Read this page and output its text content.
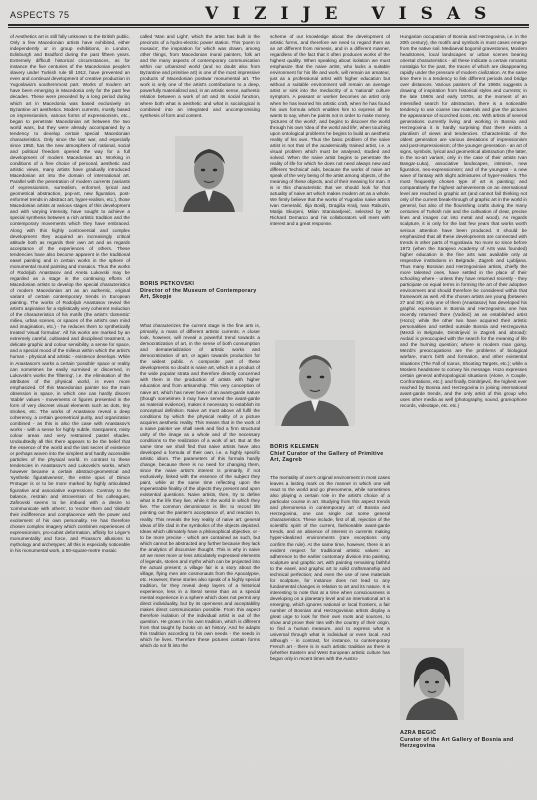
ASPECTS 75	VIZIJE VISAS

of Aesthetics art is still fully unknown to the British public. Only a few Macedonian artists have exhibited, either independently or in group exhibitions, in London, Edinburgh and Bradford during the past fifteen years. Extremely difficult historical circumstances, as for instance the five centuries of the Macedonian people's slavery under Turkish rule till 1912, have prevented an even and continual development of creative production in Yugoslavia's southernmost part. Works of modern art have been emerging in Macedonia only for the past few decades. These were preceded by a long period during which art in Macedonia was based exclusively on Byzantine art aesthetics. Modern currents, mostly based on impressionism, various forms of expressionism, etc., began to penetrate Macedonian art between the two world wars, but they were already accompanied by a tendency to develop certain special Macedonian characteristics. Only since the last war, and especially since 1950, has the new atmosphere of national, social and political freedom opened the way for a full development of modern Macedonian art. Working in conditions of a free choice of personal, aesthetic and artistic views, many artists have gradually introduced Macedonian art into the domain of international art. Parallel with the penetration of modern currents (variants of expressionism, surrealism, enformel, lyrical and geometrical abstraction, pop-art, new figuration, post-enformel trends in abstract art, hyper-realism, etc.), those Macedonian artists at various stages of this development and with varying intensity, have sought to achieve a special synthesis between a rich artistic tradition and the contemporary movements which they have embraced. Along with this highly controversial and complex development they acquired an increasingly critical attitude both as regards their own art and as regards acceptance of the experiences of others. These tendencies have also become apparent in the traditional easel painting and in certain works in the sphere of monumental mural painting and mosaics. Thus the works of Rodoljub Anastasov and Aneta Lukovski may be regarded as a stage in the continuing efforts of Macedonian artists to develop the special characteristics of modern Macedonian art as an authentic, original variant of certain contemporary trends in European painting. The works of Rodoljub Anastasov reveal the artist's aspiration for a stylistically very coherent reduction of the characteristics of his motifs (the artist's 'domestic' milieu, urban scenes, or spaces of the artist's own mind and imagination, etc.) - he reduces them to synthetically treated 'visual formulas'. All his works are marked by an extremely careful, cultivated and disciplined treatment, a delicate graphic and colour sensibility, a sense for space, and a special mood of the milieus within which the artist's human - physical and artistic - existence develops. While in Anastasov's works a certain 'possible' space or reality can sometimes be easily surmised or discerned, in Lukovski's works the 'filtering', i.e. the elimination of the attributes of the physical world, is even more emphasized. Of this Macedonian painter too the main obsession is space, in which one can hardly discern 'stable' values - movements or figures presented in the form of very discreet visual elements such as dots, tiny strokes, etc. The works of Anastasov reveal a deep coherency, a certain geometrical purity, and organization combined - as this is also the case with Anastasov's works - with a sense for highly subtle, transparent, misty colour areas and very restrained pastel shades. Undoubtedly all this there appears to be the belief that the essence of the world and the last secret of existence or perhaps woven into the simplest and hardly accessible particles of the physical world. In contrast to these tendencies in Anastasov's and Lukovski's works, which however became a certain abstract-geometrical and 'synthetic figurativeness', the entire opus of Dimce Protuger is or to be more marked by highly articulated figurative and associative expressions. Contrary to the balance, restrain and introversion of his colleagues, Zafirovski seems to be imbued with a desire to 'communicate with others', to 'excite' them and 'disturb' their indifference and complacence with the power and excitement of his own personality. He has therefore chosen complex imagery which combines experiences of expressionism, pro-cubist deformation, affinity for Léger's monumentality and force, and Picasso's allusions to mythology and archetypes; all this is especially noticeable in his monumental work, a 50-square-metre mosaic

called 'Man and Light', which the artist has built in the precincts of a hydro-electric power station. This 'poem in mosaics', the inspiration for which was drawn, among other things, from Macedonian mural painters, folk art and the many aspects of contemporary communication within our urbanized world (and no doubt also from Byzantine and primitive art) is one of the most impressive products of Macedonian postwar monumental art. The work is only one of the artist's contributions to a deep, powerfully materialized and, in an artistic sense, authentic relation between a work of art and its social function, where both what is aesthetic and what is sociological is combined into an integrated and uncompromising synthesis of form and content.

BORIS PETKOVSKI
Director of the Museum of Contemporary Art, Skopje

What characterizes the current stage in the fine arts is, primarily, a mass of different artistic currents. A closer look, however, will reveal a powerful trend towards a democratization of art, in the sense of both consumption and dematerialization of artistic works and democratization of art, or again towards production for the widest public. A composite part of these developments no doubt is naive art, which is a product of the wide popular strata and therefore directly concerned with them in the production of artists with higher education and from artisanship. This very conception of naive art, which has never been of an avant-garde nature (though sometimes it may have served the avant-garde as material evidence), makes it necessary to establish its conceptual definition. Naive art must above all fulfil the conditions by which the physical reality of a picture acquires aesthetic reality. This means that in the work of a naive painter we shall seek and find a firm structural unity of the image as a whole and of the necessary conditions to the realization of a work of art. But at the same time we shall find that naive artists have also developed a formula of their own, i.e. a highly specific artistic idiom. The parameters of this formula hardly change, because there is no need for changing them, since the naive artist's interest is primarily, if not exclusively, linked with the essence of the subject they paint, while at the same time reflecting upon the impenetrable finality of the objects they present and upon existential questions. Naive artists, then, try to define what is the life they live, while it the world in which they live. The common denominator is life: to record life pointing out the painter's acceptance of, and reaction to, reality. This reveals the key reality of naive art: general ideas of life clad in the symbolics of the objects depicted. Ideas which ultimately have a philosophical objective, or - to be more precise - which are contained as such, but which cannot be abstracted any further because they lack the analytics of discursive thought. This is why in naive art we meet more or less articulately expressed elements of legends, stories and myths which can be projected into the actual present; a village fair is a story about the village, flying men are cosmonauts from the Apocalypse, etc. However, these stories also speak of a highly special tradition, for they reveal deep layers of a historical experience, less in a literal sense than as a special mental experience in a sphere which does not permit any direct individuality, but by its openness and acceptability makes direct communication possible. From this aspect therefore isolation of the individual artist is out of the question. He grows in his own tradition, which is different from that taught by books on art history. And he adapts this tradition according to his own needs - the needs in which he lives. Therefore these pictures contain forms which do not fit into the

scheme of our knowledge about the development of artistic forms, and therefore we need to regard them as an art different from mimesis, and in a different manner, regardless of the fact that it often produces works of the highest quality. When speaking about isolation we must emphasize that the naive artist, who lacks a suitable environment for his life and work, will remain an amateur, just as a professional artist with higher education but without a suitable environment will remain an average artist or sink into the mediocrity of a 'national' culture symptom. A peasant or worker becomes an artist only when he has learned his artistic craft, when he has found his own formula which enables him to express all he wants to say, when he paints not in order to make money, 'pictures of the world', and begins to discover the world through his own 'idea of the world and life', when touching upon ontological problems he begins to build an aesthetic reality of his own. Thus the basic problem of the naive artist is not that of the academically trained artist, i.e. a visual problem which must be analysed, studied and solved. When the naive artist begins to penetrate the reality of life for which he does not need always new and different 'technical' aids, because the works of naive art speak of the very being of the artist among objects, of the meaning of these objects, and of their meaning for man. It is in this characteristic that we should look for that actuality of naive art which makes modern art as a whole. We firmly believe that the works of Yugoslav naive artists Ivan Generalić, Ilija Bosilj, Dragiša Kralj, Ivan Rabuzin, Matija Skurjeni, Milan Stanisavljević, selected by Mr Richard Demarco and his collaborators will meet with interest and a great response.

BORIS KELEMEN
Chief Curator of the Gallery of Primitive Art, Zagreb

The mentality of one's original environment in most cases leaves a lasting mark on the manner in which one will react to the world and go phenomena, while sometimes also playing a certain role in the artist's choice of a particular course in art. Studying from this aspect trends and phenomena in contemporary art of Bosnia and Herzegovina, one can single out some general characteristics. These include, first of all, rejection of the scientific spirit of the current, fashionable avant-garde trends, and an absence of interest in currents making hyper-idealized environments (rare exceptions only confirm the rule). At the same time, however, there is an evident respect for traditional artistic values: an adherence to the earlier customary division into painting, sculpture and graphic art, with painting remaining faithful to the easel, and graphic art to solid craftsmanship and technical perfection; and even the use of new materials for sculpture, for instance does not lead to any fundamental changes in relation to art and its nature. It is interesting to note that at a time when consciousness is developing on a planetary level and an international art is emerging, which ignores national or local frontiers, a fair number of Bosnian and Herzegovinian artists display a great urge to look for their own roots and sources, to show and prove their ties with the country of their origin, to find a human measure, and to express what is universal through what is individual or even local. And although - in contrast, for instance, to contemporary French art - there is in such artistic tradition as there is (whether Eastern and West European artistic culture has begun only in recent times with the Austro-

Hungarian occupation of Bosnia and Herzegovina, i.e. in the 20th century), the motifs and symbols in most cases emerge from the native soil. Mediaeval bogomil gravestones, Moslem headstones, local landscapes or urban scenes bearing oriental characteristics - all these indicate a certain romantic nostalgia for the past, the traces of which are disappearing rapidly under the pressure of modern civilization. At the same time there is a tendency to link different periods and bridge over distances. Various painters of the 1960s suggests a drawing of inspiration from historical styles and currents; in the late 1960s and early 1970s, at the moment of an intensified search for abstraction, there is a noticeable tendency to use coarse raw materials and give the pictures the appearance of scorched icons, etc. With artists of several generations currently living and working in Bosnia and Herzegovina it is hardly surprising that there exists a pluralism of views and tendencies. Characteristic of the oldest generation are various deviations of impressionism and post-impressionism; of the younger generation - an art of signs, symbols, lyrical and geometrical abstraction (the latter, in the so-art variant, only in the case of their artists Ivan Bangar-Luka), associative landscapes, intimism, new figuration, neo-expressionism; and of the youngest - a new wave of fantasy with slight admixtures of hyper-realism. The most frequently chosen type of art is painting; and comparatively the highest achievements on an international level are reached in graphic art (and cannot fail thinking not only of the current break-through of graphic art in the world in general, but also of the flourishing crafts during the many centuries of Turkish rule and the cultivation of clear, precise lines and images cut into metal and wood). As regards sculpture, it is only for the last few years that works worth serious attention have been produced. It should be emphasized that all these developments are connected with trends in other parts of Yugoslavia. No more so since before 1972 (when the Sarajevo Academy of Arts was founded) higher education in the fine arts was available only at respective institutions in Belgrade, Zagreb and Ljubljana. Thus many Bosnian and Herzegovinian artists, chiefly the more talented ones, have settled in the place of their schooling where - unless they have returned recently - they participate on equal terms in forming the art of their adoptive environment and should therefore be considered within that framework as well. All the chosen artists are young (between 27 and 39): only one of them (Anastasov) has developed his graphic expression in Bosnia and Herzegovina; one has recently returned there (Vodinić) as an established artist (Hozo); while the other two have acquired their artistic personalities and settled outside Bosnia and Herzegovina (Mezdi in Belgrade, Dimitrijević in Zagreb and abroad): Avdaić is preoccupied with the search for the meaning of life and the burning question; where is modern man going. Mezdi's preoccupations are the problems of biological warfare, man's birth and formation, and other existential situations (The Fall of Icarus, Shooting Targets, etc.); while a Moslem headstone to convey his message. Hozo expresses certain general anthropological situations (Alone, A Couple, Confrontations, etc.); and finally, Dimitrijević, the highest ever reached by Bosnia and Herzegovina in joining international avant-garde trends, and the only artist of this group who uses other media as well (photography, sound, gramophone records, videotape, etc. etc.)

AZRA BEGIĆ
Curator of the Art Gallery of Bosnia and Herzegovina
